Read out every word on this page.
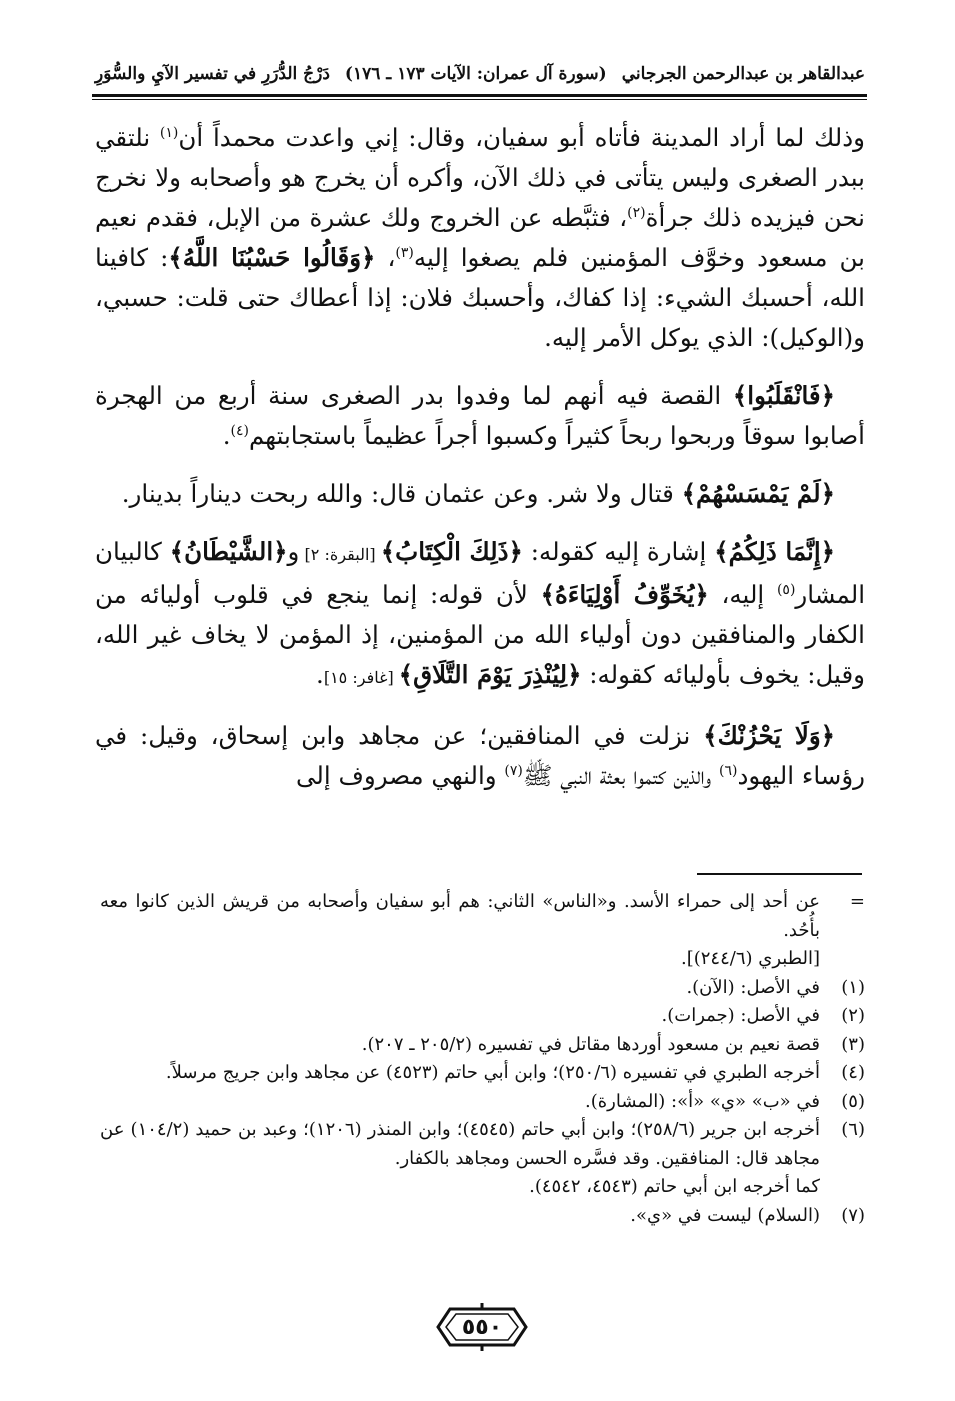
عبدالقاهر بن عبدالرحمن الجرجاني
(سورة آل عمران: الآيات ١٧٣ ـ ١٧٦)
دَرْجُ الدُّرَرِ في تفسير الآيِ والسُّوَرِ

وذلك لما أراد المدينة فأتاه أبو سفيان، وقال: إني واعدت محمداً أن$^{(١)}$ نلتقي ببدر الصغرى وليس يتأتى في ذلك الآن، وأكره أن يخرج هو وأصحابه ولا نخرج نحن فيزيده ذلك جرأة$^{(٢)}$، فثبَّطه عن الخروج ولك عشرة من الإبل، فقدم نعيم بن مسعود وخوَّف المؤمنين فلم يصغوا إليه$^{(٣)}$، ﴿وَقَالُوا حَسْبُنَا اللَّهُ﴾: كافينا الله، أحسبك الشيء: إذا كفاك، وأحسبك فلان: إذا أعطاك حتى قلت: حسبي، و(الوكيل): الذي يوكل الأمر إليه.

﴿فَانْقَلَبُوا﴾ القصة فيه أنهم لما وفدوا بدر الصغرى سنة أربع من الهجرة أصابوا سوقاً وربحوا ربحاً كثيراً وكسبوا أجراً عظيماً باستجابتهم$^{(٤)}$.

﴿لَمْ يَمْسَسْهُمْ﴾ قتال ولا شر. وعن عثمان قال: والله ربحت ديناراً بدينار.

﴿إِنَّمَا ذَلِكُمُ﴾ إشارة إليه كقوله: ﴿ذَلِكَ الْكِتَابُ﴾ [البقرة: ٢] و﴿الشَّيْطَانُ﴾ كالبيان المشار$^{(٥)}$ إليه، ﴿يُخَوِّفُ أَوْلِيَاءَهُ﴾ لأن قوله: إنما ينجع في قلوب أوليائه من الكفار والمنافقين دون أولياء الله من المؤمنين، إذ المؤمن لا يخاف غير الله، وقيل: يخوف بأوليائه كقوله: ﴿لِيُنْذِرَ يَوْمَ التَّلَاقِ﴾ [غافر: ١٥].

﴿وَلَا يَحْزُنْكَ﴾ نزلت في المنافقين؛ عن مجاهد وابن إسحاق، وقيل: في رؤساء اليهود$^{(٦)}$ والذين كتموا بعثة النبي ﷺ$^{(٧)}$ والنهي مصروف إلى

=
عن أحد إلى حمراء الأسد. و«الناس» الثاني: هم أبو سفيان وأصحابه من قريش الذين كانوا معه بأُحُد.
[الطبري (٢٤٤/٦)].
(١)
في الأصل: (الآن).
(٢)
في الأصل: (جمرات).
(٣)
قصة نعيم بن مسعود أوردها مقاتل في تفسيره (٢٠٥/٢ ـ ٢٠٧).
(٤)
أخرجه الطبري في تفسيره (٢٥٠/٦)؛ وابن أبي حاتم (٤٥٢٣) عن مجاهد وابن جريج مرسلاً.
(٥)
في «ب» «ي» «أ»: (المشارة).
(٦)
أخرجه ابن جرير (٢٥٨/٦)؛ وابن أبي حاتم (٤٥٤٥)؛ وابن المنذر (١٢٠٦)؛ وعبد بن حميد (١٠٤/٢) عن مجاهد قال: المنافقين. وقد فسَّره الحسن ومجاهد بالكفار.
كما أخرجه ابن أبي حاتم (٤٥٤٣، ٤٥٤٢).
(٧)
(السلام) ليست في «ي».
٥٥٠
